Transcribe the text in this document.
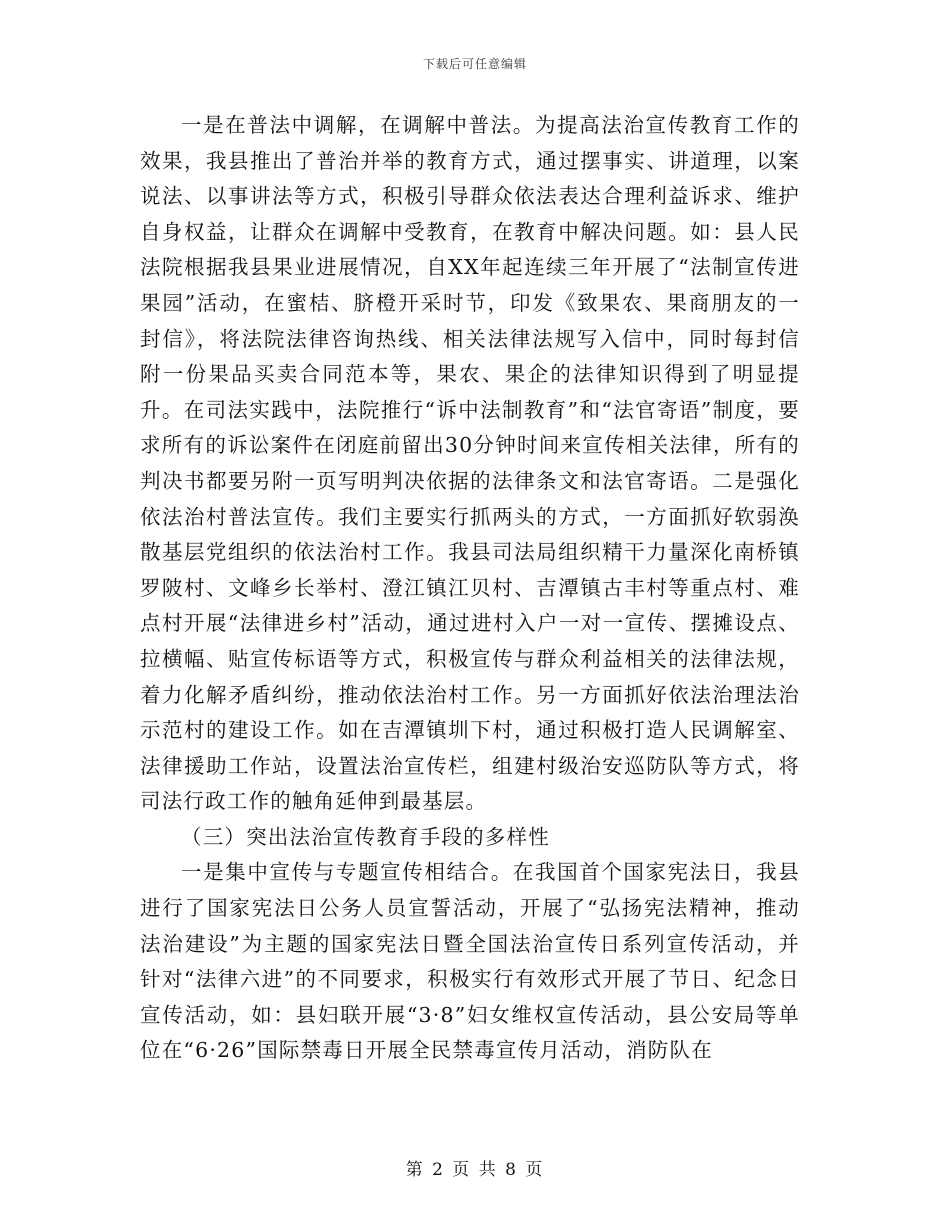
下载后可任意编辑

一是在普法中调解，在调解中普法。为提高法治宣传教育工作的效果，我县推出了普治并举的教育方式，通过摆事实、讲道理，以案说法、以事讲法等方式，积极引导群众依法表达合理利益诉求、维护自身权益，让群众在调解中受教育，在教育中解决问题。如：县人民法院根据我县果业进展情况，自XX年起连续三年开展了“法制宣传进果园”活动，在蜜桔、脐橙开采时节，印发《致果农、果商朋友的一封信》，将法院法律咨询热线、相关法律法规写入信中，同时每封信附一份果品买卖合同范本等，果农、果企的法律知识得到了明显提升。在司法实践中，法院推行“诉中法制教育”和“法官寄语”制度，要求所有的诉讼案件在闭庭前留出30分钟时间来宣传相关法律，所有的判决书都要另附一页写明判决依据的法律条文和法官寄语。二是强化依法治村普法宣传。我们主要实行抓两头的方式，一方面抓好软弱涣散基层党组织的依法治村工作。我县司法局组织精干力量深化南桥镇罗陂村、文峰乡长举村、澄江镇江贝村、吉潭镇古丰村等重点村、难点村开展“法律进乡村”活动，通过进村入户一对一宣传、摆摊设点、拉横幅、贴宣传标语等方式，积极宣传与群众利益相关的法律法规，着力化解矛盾纠纷，推动依法治村工作。另一方面抓好依法治理法治示范村的建设工作。如在吉潭镇圳下村，通过积极打造人民调解室、法律援助工作站，设置法治宣传栏，组建村级治安巡防队等方式，将司法行政工作的触角延伸到最基层。

（三）突出法治宣传教育手段的多样性

一是集中宣传与专题宣传相结合。在我国首个国家宪法日，我县进行了国家宪法日公务人员宣誓活动，开展了“弘扬宪法精神，推动法治建设”为主题的国家宪法日暨全国法治宣传日系列宣传活动，并针对“法律六进”的不同要求，积极实行有效形式开展了节日、纪念日宣传活动，如：县妇联开展“3·8”妇女维权宣传活动，县公安局等单位在“6·26”国际禁毒日开展全民禁毒宣传月活动，消防队在

第 2 页 共 8 页
